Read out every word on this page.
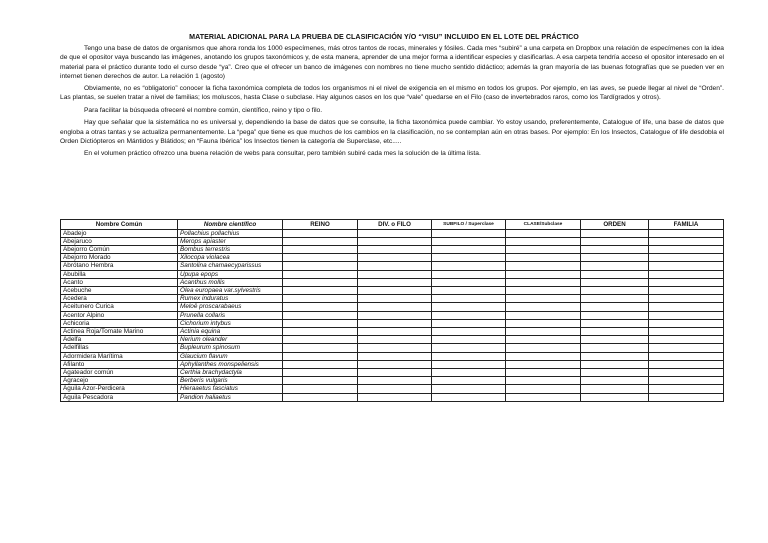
MATERIAL ADICIONAL PARA LA PRUEBA DE CLASIFICACIÓN Y/O “VISU” INCLUIDO EN EL LOTE DEL PRÁCTICO

Tengo una base de datos de organismos que ahora ronda los 1000 especímenes, más otros tantos de rocas, minerales y fósiles. Cada mes “subiré” a una carpeta en Dropbox una relación de especímenes con la idea de que el opositor vaya buscando las imágenes, anotando los grupos taxonómicos y, de esta manera, aprender de una mejor forma a identificar especies y clasificarlas. A esa carpeta tendría acceso el opositor interesado en el material para el práctico durante todo el curso desde “ya”. Creo que el ofrecer un banco de imágenes con nombres no tiene mucho sentido didáctico; además la gran mayoría de las buenas fotografías que se pueden ver en internet tienen derechos de autor. La relación 1 (agosto)

Obviamente, no es “obligatorio” conocer la ficha taxonómica completa de todos los organismos ni el nivel de exigencia en el mismo en todos los grupos. Por ejemplo, en las aves, se puede llegar al nivel de “Orden”. Las plantas, se suelen tratar a nivel de familias; los moluscos, hasta Clase o subclase. Hay algunos casos en los que “vale” quedarse en el Filo (caso de invertebrados raros, como los Tardígrados y otros).

Para facilitar la búsqueda ofreceré el nombre común, científico, reino y tipo o filo.

Hay que señalar que la sistemática no es universal y, dependiendo la base de datos que se consulte, la ficha taxonómica puede cambiar. Yo estoy usando, preferentemente, Catalogue of life, una base de datos que engloba a otras tantas y se actualiza permanentemente. La “pega” que tiene es que muchos de los cambios en la clasificación, no se contemplan aún en otras bases. Por ejemplo: En los Insectos, Catalogue of life desdobla el Orden Dictiópteros en Mántidos y Blátidos; en “Fauna Ibérica” los Insectos tienen la categoría de Superclase, etc.....

En el volumen práctico ofrezco una buena relación de webs para consultar, pero también subiré cada mes la solución de la última lista.

Nombre Común	Nombre científico	REINO	DIV. o FILO	SUBFILO / Superclase	CLASE/Subclase	ORDEN	FAMILIA
Abadejo	Pollachius pollachius						
Abejaruco	Merops apiaster						
Abejorro Común	Bombus terrestris						
Abejorro Morado	Xilocopa violacea						
Abrótano Hembra	Santolina chamaecyparissus						
Abubilla	Upupa epops						
Acanto	Acanthus mollis						
Acebuche	Olea europaea var.sylvestris						
Acedera	Rumex induratus						
Aceitunero Curica	Meloë proscarabaeus						
Acentor Alpino	Prunella collaris						
Achicoria	Cichorium intybus						
Actinea Roja/Tomate Marino	Actinia equina						
Adelfa	Nerium oleander						
Adelfillas	Bupleurum spinosum						
Adormidera Marítima	Glaucium flavum						
Afilanto	Aphyllanthes monspeliensis						
Agateador común	Certhia brachydactyla						
Agracejo	Berberis vulgaris						
Águila Azor-Perdicera	Hieraaetus fasciatus						
Águila Pescadora	Pandion haliaetus						
